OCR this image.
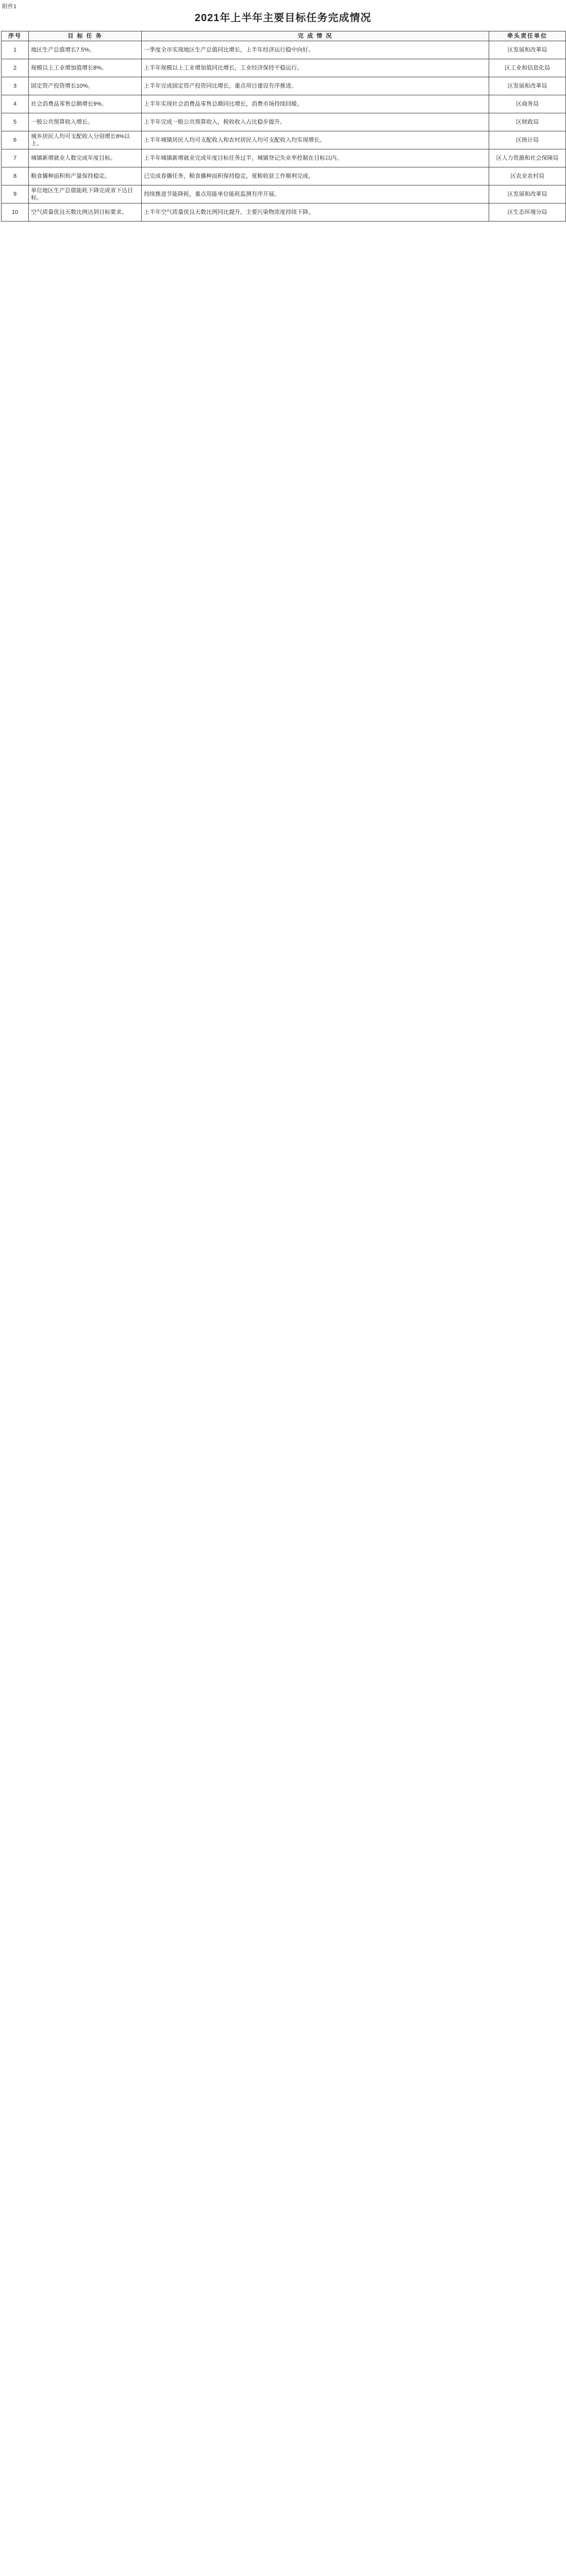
附件1
2021年上半年主要目标任务完成情况
序号	目 标 任 务	完 成 情 况	牵头责任单位
1	地区生产总值增长7.5%。	一季度全市实现地区生产总值同比增长，上半年经济运行稳中向好。	区发展和改革局
2	规模以上工业增加值增长8%。	上半年规模以上工业增加值同比增长，工业经济保持平稳运行。	区工业和信息化局
3	固定资产投资增长10%。	上半年完成固定资产投资同比增长，重点项目建设有序推进。	区发展和改革局
4	社会消费品零售总额增长9%。	上半年实现社会消费品零售总额同比增长，消费市场持续回暖。	区商务局
5	一般公共预算收入增长。	上半年完成一般公共预算收入，税收收入占比稳步提升。	区财政局
6	城乡居民人均可支配收入分别增长8%以上。	上半年城镇居民人均可支配收入和农村居民人均可支配收入均实现增长。	区统计局
7	城镇新增就业人数完成年度目标。	上半年城镇新增就业完成年度目标任务过半，城镇登记失业率控制在目标以内。	区人力资源和社会保障局
8	粮食播种面积和产量保持稳定。	已完成春播任务，粮食播种面积保持稳定，夏粮收获工作顺利完成。	区农业农村局
9	单位地区生产总值能耗下降完成省下达目标。	持续推进节能降耗，重点用能单位能耗监测有序开展。	区发展和改革局
10	空气质量优良天数比例达到目标要求。	上半年空气质量优良天数比例同比提升，主要污染物浓度持续下降。	区生态环境分局
